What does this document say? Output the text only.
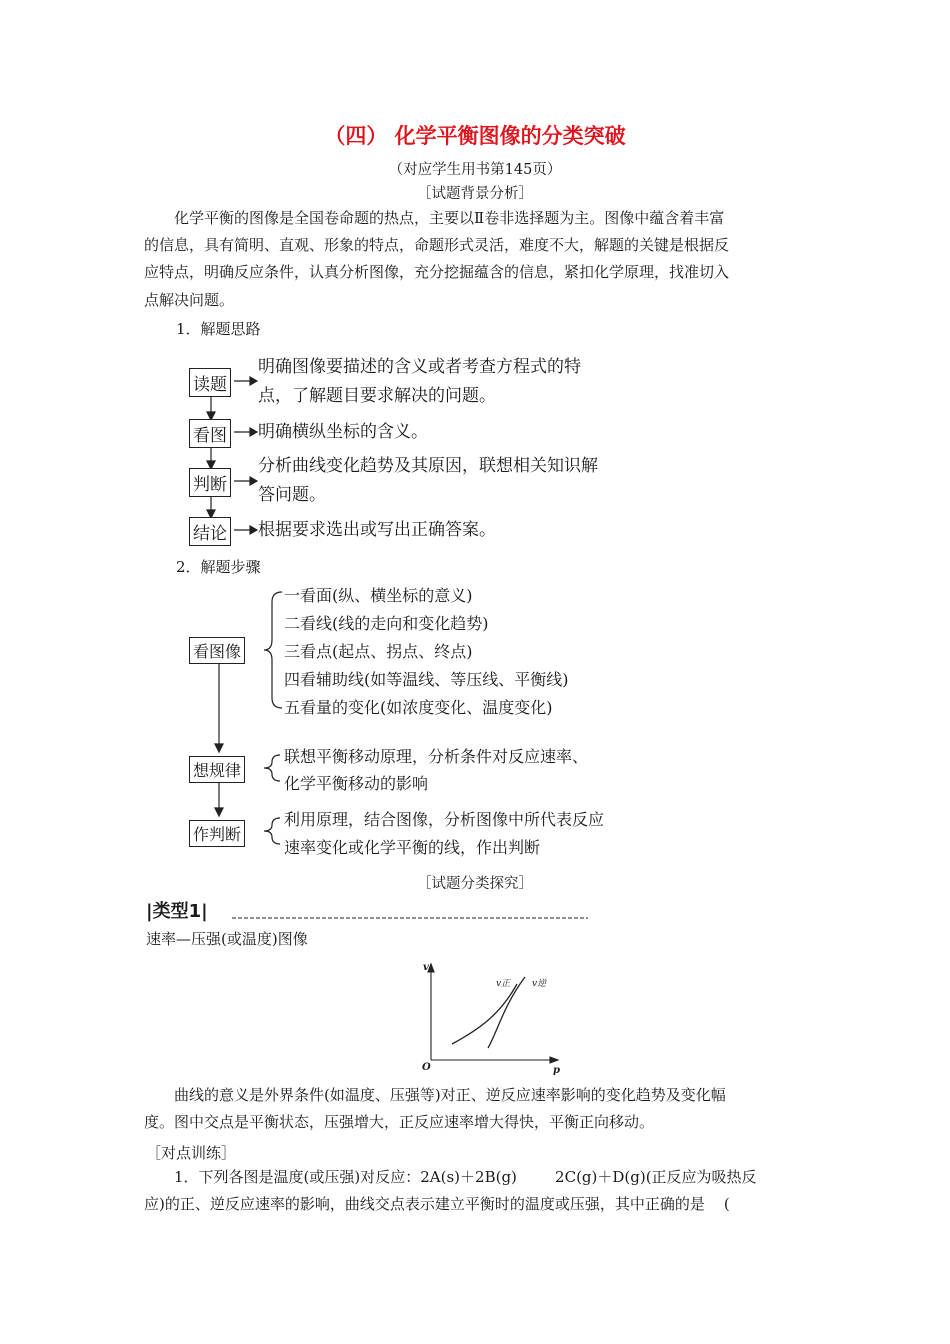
（四） 化学平衡图像的分类突破
（对应学生用书第145页）
［试题背景分析］
化学平衡的图像是全国卷命题的热点，主要以Ⅱ卷非选择题为主。图像中蕴含着丰富
的信息，具有简明、直观、形象的特点，命题形式灵活，难度不大，解题的关键是根据反
应特点，明确反应条件，认真分析图像，充分挖掘蕴含的信息，紧扣化学原理，找准切入
点解决问题。
1．解题思路
读题
看图
判断
结论
明确图像要描述的含义或者考查方程式的特
点，了解题目要求解决的问题。
明确横纵坐标的含义。
分析曲线变化趋势及其原因，联想相关知识解
答问题。
根据要求选出或写出正确答案。
2．解题步骤
看图像
想规律
作判断
一看面(纵、横坐标的意义)
二看线(线的走向和变化趋势)
三看点(起点、拐点、终点)
四看辅助线(如等温线、等压线、平衡线)
五看量的变化(如浓度变化、温度变化)
联想平衡移动原理，分析条件对反应速率、
化学平衡移动的影响
利用原理，结合图像，分析图像中所代表反应
速率变化或化学平衡的线，作出判断
［试题分类探究］
|类型1|
速率—压强(或温度)图像
v
p
O
v正 v逆
曲线的意义是外界条件(如温度、压强等)对正、逆反应速率影响的变化趋势及变化幅
度。图中交点是平衡状态，压强增大，正反应速率增大得快，平衡正向移动。
［对点训练］
1．下列各图是温度(或压强)对反应：2A(s)＋2B(g)        2C(g)＋D(g)(正反应为吸热反
应)的正、逆反应速率的影响，曲线交点表示建立平衡时的温度或压强，其中正确的是    (
